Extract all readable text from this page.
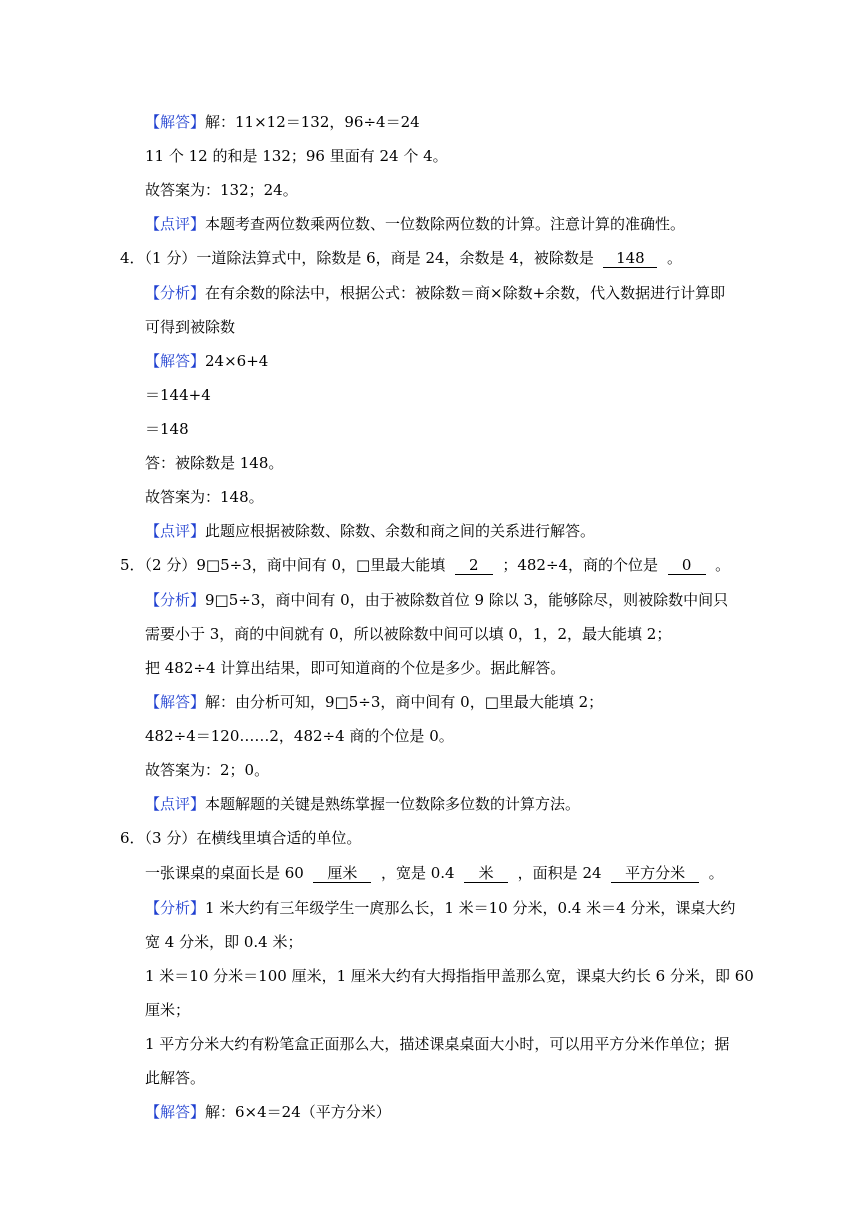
【解答】解：11×12＝132，96÷4＝24
11 个 12 的和是 132；96 里面有 24 个 4。
故答案为：132；24。
【点评】本题考查两位数乘两位数、一位数除两位数的计算。注意计算的准确性。
4．（1 分）一道除法算式中，除数是 6，商是 24，余数是 4，被除数是 148 。
【分析】在有余数的除法中，根据公式：被除数＝商×除数+余数，代入数据进行计算即
可得到被除数
【解答】24×6+4
＝144+4
＝148
答：被除数是 148。
故答案为：148。
【点评】此题应根据被除数、除数、余数和商之间的关系进行解答。
5．（2 分）9□5÷3，商中间有 0，□里最大能填 2 ；482÷4，商的个位是 0 。
【分析】9□5÷3，商中间有 0，由于被除数首位 9 除以 3，能够除尽，则被除数中间只
需要小于 3，商的中间就有 0，所以被除数中间可以填 0，1，2，最大能填 2；
把 482÷4 计算出结果，即可知道商的个位是多少。据此解答。
【解答】解：由分析可知，9□5÷3，商中间有 0，□里最大能填 2；
482÷4＝120……2，482÷4 商的个位是 0。
故答案为：2；0。
【点评】本题解题的关键是熟练掌握一位数除多位数的计算方法。
6．（3 分）在横线里填合适的单位。
一张课桌的桌面长是 60 厘米 ，宽是 0.4 米 ，面积是 24 平方分米 。
【分析】1 米大约有三年级学生一庹那么长，1 米＝10 分米，0.4 米＝4 分米，课桌大约
宽 4 分米，即 0.4 米；
1 米＝10 分米＝100 厘米，1 厘米大约有大拇指指甲盖那么宽，课桌大约长 6 分米，即 60
厘米；
1 平方分米大约有粉笔盒正面那么大，描述课桌桌面大小时，可以用平方分米作单位；据
此解答。
【解答】解：6×4＝24（平方分米）
